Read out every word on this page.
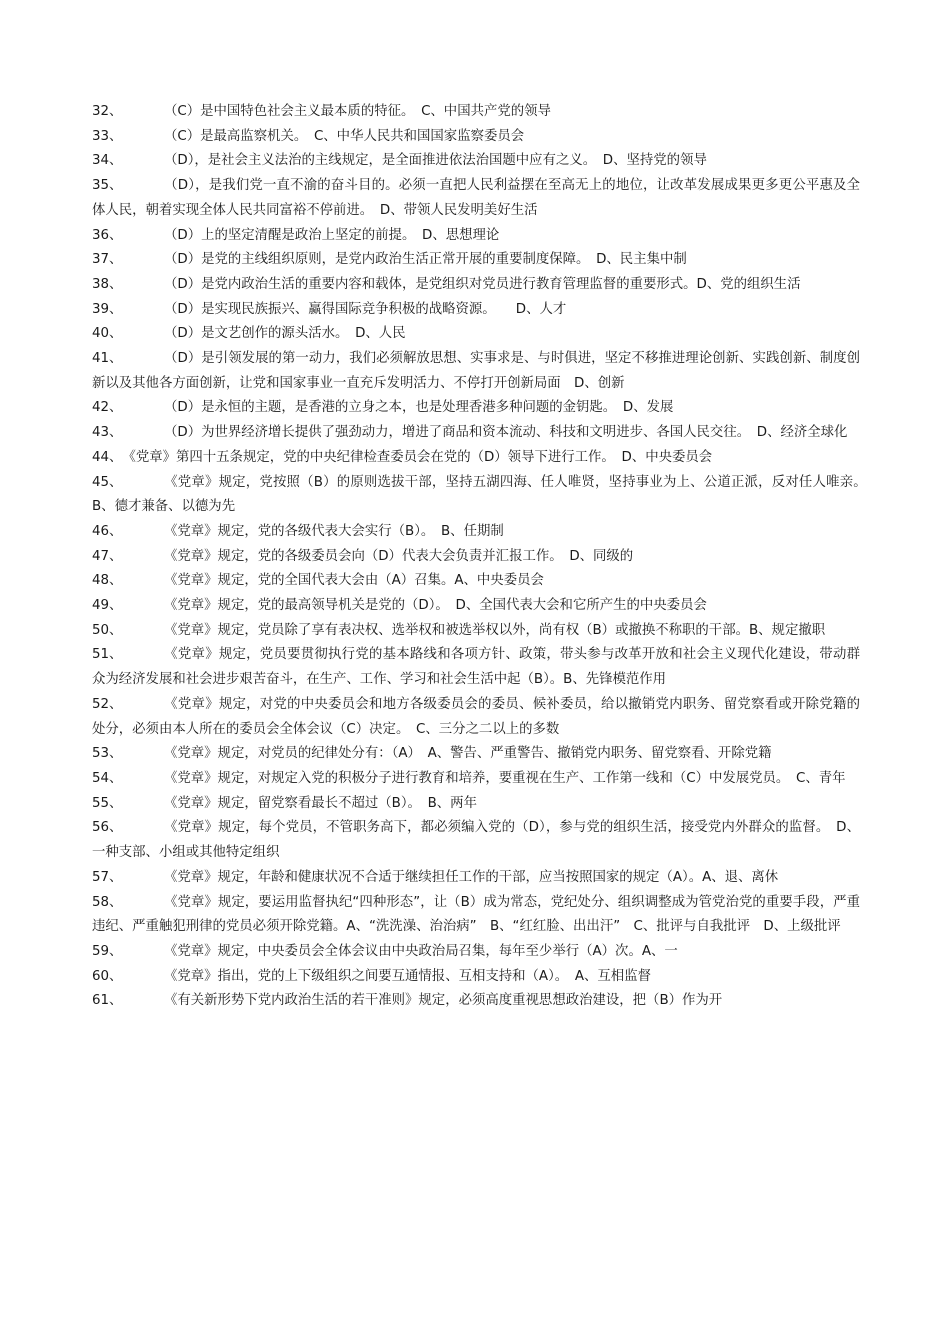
32、	（C）是中国特色社会主义最本质的特征。　C、中国共产党的领导

33、	（C）是最高监察机关。　C、中华人民共和国国家监察委员会

34、	（D），是社会主义法治的主线规定，是全面推进依法治国题中应有之义。　D、坚持党的领导

35、	（D），是我们党一直不渝的奋斗目的。必须一直把人民利益摆在至高无上的地位，让改革发展成果更多更公平惠及全体人民，朝着实现全体人民共同富裕不停前进。　D、带领人民发明美好生活

36、	（D）上的坚定清醒是政治上坚定的前提。　D、思想理论

37、	（D）是党的主线组织原则，是党内政治生活正常开展的重要制度保障。　D、民主集中制

38、	（D）是党内政治生活的重要内容和载体，是党组织对党员进行教育管理监督的重要形式。D、党的组织生活

39、	（D）是实现民族振兴、赢得国际竞争积极的战略资源。　　D、人才

40、	（D）是文艺创作的源头活水。　D、人民

41、	（D）是引领发展的第一动力，我们必须解放思想、实事求是、与时俱进，坚定不移推进理论创新、实践创新、制度创新以及其他各方面创新，让党和国家事业一直充斥发明活力、不停打开创新局面　D、创新

42、	（D）是永恒的主题，是香港的立身之本，也是处理香港多种问题的金钥匙。　D、发展

43、	（D）为世界经济增长提供了强劲动力，增进了商品和资本流动、科技和文明进步、各国人民交往。　D、经济全球化

44、《党章》第四十五条规定，党的中央纪律检查委员会在党的（D）领导下进行工作。　D、中央委员会

45、	《党章》规定，党按照（B）的原则选拔干部，坚持五湖四海、任人唯贤，坚持事业为上、公道正派，反对任人唯亲。　B、德才兼备、以德为先

46、	《党章》规定，党的各级代表大会实行（B）。　B、任期制

47、	《党章》规定，党的各级委员会向（D）代表大会负责并汇报工作。　D、同级的

48、	《党章》规定，党的全国代表大会由（A）召集。A、中央委员会

49、	《党章》规定，党的最高领导机关是党的（D）。　D、全国代表大会和它所产生的中央委员会

50、	《党章》规定，党员除了享有表决权、选举权和被选举权以外，尚有权（B）或撤换不称职的干部。B、规定撤职

51、	《党章》规定，党员要贯彻执行党的基本路线和各项方针、政策，带头参与改革开放和社会主义现代化建设，带动群众为经济发展和社会进步艰苦奋斗，在生产、工作、学习和社会生活中起（B）。B、先锋模范作用

52、	《党章》规定，对党的中央委员会和地方各级委员会的委员、候补委员，给以撤销党内职务、留党察看或开除党籍的处分，必须由本人所在的委员会全体会议（C）决定。　C、三分之二以上的多数

53、	《党章》规定，对党员的纪律处分有：（A）　A、警告、严重警告、撤销党内职务、留党察看、开除党籍

54、	《党章》规定，对规定入党的积极分子进行教育和培养，要重视在生产、工作第一线和（C）中发展党员。　C、青年

55、	《党章》规定，留党察看最长不超过（B）。　B、两年

56、	《党章》规定，每个党员，不管职务高下，都必须编入党的（D），参与党的组织生活，接受党内外群众的监督。　D、一种支部、小组或其他特定组织

57、	《党章》规定，年龄和健康状况不合适于继续担任工作的干部，应当按照国家的规定（A）。A、退、离休

58、	《党章》规定，要运用监督执纪“四种形态”，让（B）成为常态，党纪处分、组织调整成为管党治党的重要手段，严重违纪、严重触犯刑律的党员必须开除党籍。A、“洗洗澡、治治病”　B、“红红脸、出出汗”　C、批评与自我批评　D、上级批评

59、	《党章》规定，中央委员会全体会议由中央政治局召集，每年至少举行（A）次。A、一

60、	《党章》指出，党的上下级组织之间要互通情报、互相支持和（A）。　A、互相监督

61、	《有关新形势下党内政治生活的若干准则》规定，必须高度重视思想政治建设，把（B）作为开
